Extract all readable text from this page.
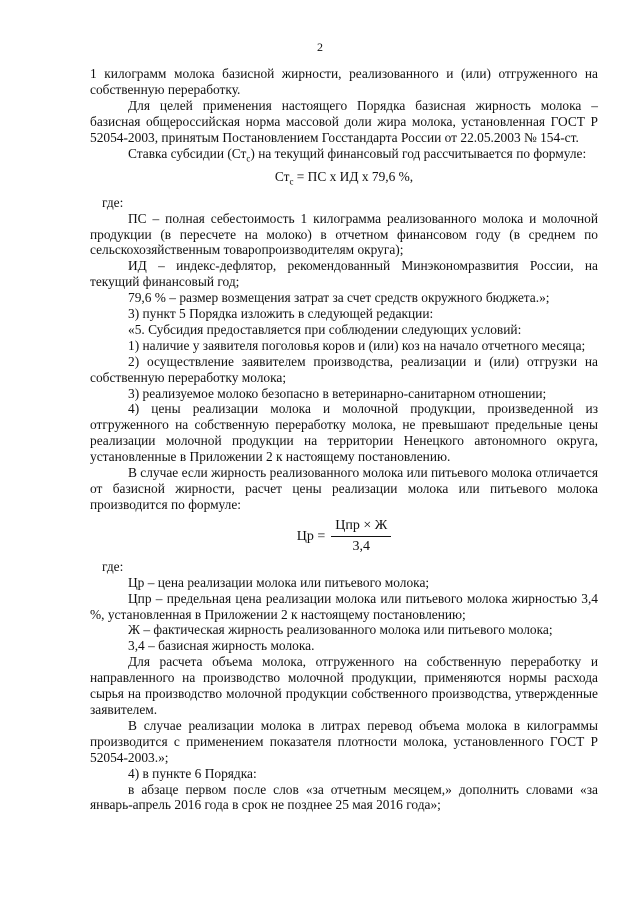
2

1 килограмм молока базисной жирности, реализованного и (или) отгруженного на собственную переработку.

Для целей применения настоящего Порядка базисная жирность молока – базисная общероссийская норма массовой доли жира молока, установленная ГОСТ Р 52054-2003, принятым Постановлением Госстандарта России от 22.05.2003 № 154-ст.

Ставка субсидии $(Ст_с)$ на текущий финансовый год рассчитывается по формуле:

$Ст_с$ = ПС х ИД х 79,6 %,

где:

ПС – полная себестоимость 1 килограмма реализованного молока и молочной продукции (в пересчете на молоко) в отчетном финансовом году (в среднем по сельскохозяйственным товаропроизводителям округа);

ИД – индекс-дефлятор, рекомендованный Минэкономразвития России, на текущий финансовый год;

79,6 % – размер возмещения затрат за счет средств окружного бюджета.»;

3) пункт 5 Порядка изложить в следующей редакции:

«5. Субсидия предоставляется при соблюдении следующих условий:

1) наличие у заявителя поголовья коров и (или) коз на начало отчетного месяца;

2) осуществление заявителем производства, реализации и (или) отгрузки на собственную переработку молока;

3) реализуемое молоко безопасно в ветеринарно-санитарном отношении;

4) цены реализации молока и молочной продукции, произведенной из отгруженного на собственную переработку молока, не превышают предельные цены реализации молочной продукции на территории Ненецкого автономного округа, установленные в Приложении 2 к настоящему постановлению.

В случае если жирность реализованного молока или питьевого молока отличается от базисной жирности, расчет цены реализации молока или питьевого молока производится по формуле:

Цр = $\frac{\text{Цпр × Ж}}{3,4}$

где:

Цр – цена реализации молока или питьевого молока;

Цпр – предельная цена реализации молока или питьевого молока жирностью 3,4 %, установленная в Приложении 2 к настоящему постановлению;

Ж – фактическая жирность реализованного молока или питьевого молока;

3,4 – базисная жирность молока.

Для расчета объема молока, отгруженного на собственную переработку и направленного на производство молочной продукции, применяются нормы расхода сырья на производство молочной продукции собственного производства, утвержденные заявителем.

В случае реализации молока в литрах перевод объема молока в килограммы производится с применением показателя плотности молока, установленного ГОСТ Р 52054-2003.»;

4) в пункте 6 Порядка:

в абзаце первом после слов «за отчетным месяцем,» дополнить словами «за январь-апрель 2016 года в срок не позднее 25 мая 2016 года»;
